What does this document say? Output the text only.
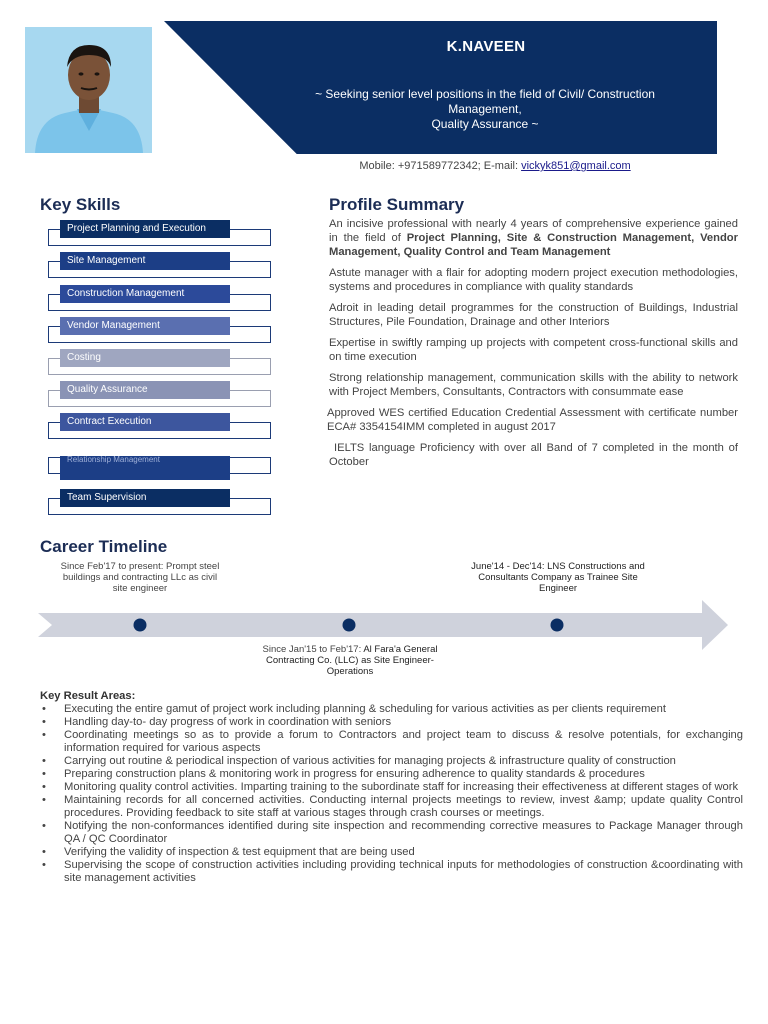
K.NAVEEN
~ Seeking senior level positions in the field of Civil/ Construction Management,
Quality Assurance ~
Mobile: +971589772342; E-mail: vickyk851@gmail.com
Key Skills
Project Planning and Execution
Site Management
Construction Management
Vendor Management
Costing
Quality Assurance
Contract Execution
Relationship Management
Team Supervision
Profile Summary

An incisive professional with nearly 4 years of comprehensive experience gained in the field of Project Planning, Site & Construction Management, Vendor Management, Quality Control and Team Management

Astute manager with a flair for adopting modern project execution methodologies, systems and procedures in compliance with quality standards

Adroit in leading detail programmes for the construction of Buildings, Industrial Structures, Pile Foundation, Drainage and other Interiors

Expertise in swiftly ramping up projects with competent cross-functional skills and on time execution

Strong relationship management, communication skills with the ability to network with Project Members, Consultants, Contractors with consummate ease

Approved WES certified Education Credential Assessment with certificate number ECA# 3354154IMM completed in august 2017

IELTS language Proficiency with over all Band of 7 completed in the month of October

Career Timeline
Since Feb'17 to present: Prompt steel buildings and contracting LLc as civil site engineer
June'14 - Dec'14: LNS Constructions and Consultants Company as Trainee Site Engineer
Since Jan'15 to Feb'17: Al Fara'a General Contracting Co. (LLC) as Site Engineer-Operations
Key Result Areas:
• Executing the entire gamut of project work including planning & scheduling for various activities as per clients requirement
• Handling day-to- day progress of work in coordination with seniors
• Coordinating meetings so as to provide a forum to Contractors and project team to discuss & resolve potentials, for exchanging information required for various aspects
• Carrying out routine & periodical inspection of various activities for managing projects & infrastructure quality of construction
• Preparing construction plans & monitoring work in progress for ensuring adherence to quality standards & procedures
• Monitoring quality control activities. Imparting training to the subordinate staff for increasing their effectiveness at different stages of work
• Maintaining records for all concerned activities. Conducting internal projects meetings to review, invest &amp; update quality Control procedures. Providing feedback to site staff at various stages through crash courses or meetings.
• Notifying the non-conformances identified during site inspection and recommending corrective measures to Package Manager through QA / QC Coordinator
• Verifying the validity of inspection & test equipment that are being used
• Supervising the scope of construction activities including providing technical inputs for methodologies of construction &coordinating with site management activities
